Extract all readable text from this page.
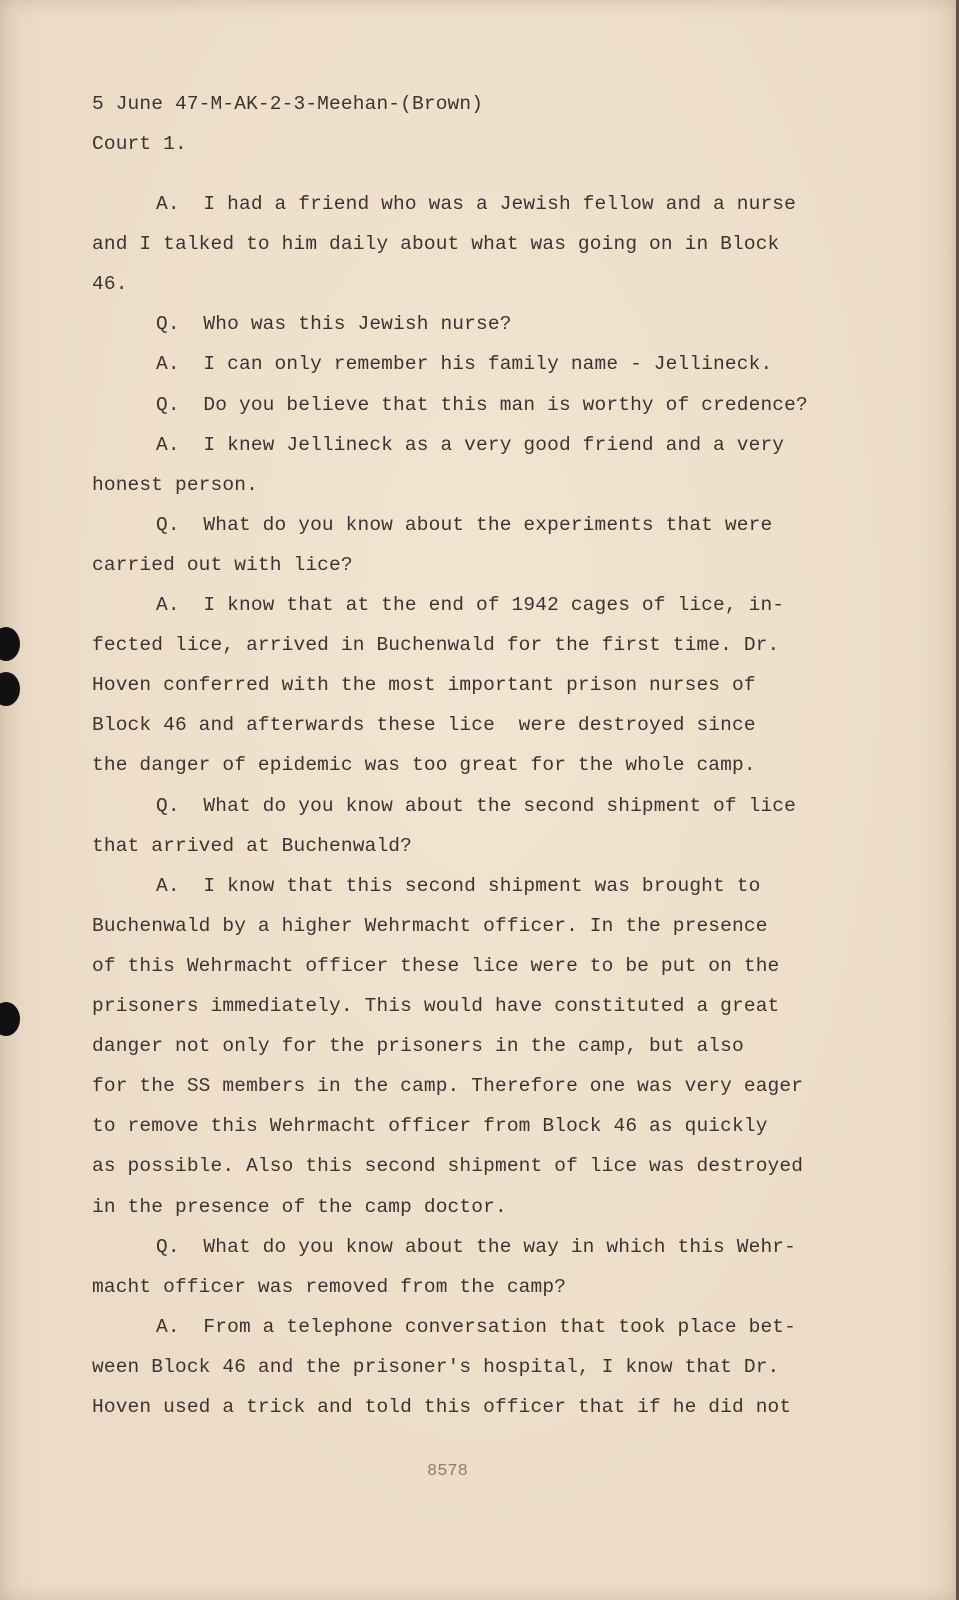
5 June 47-M-AK-2-3-Meehan-(Brown)
Court 1.
A.  I had a friend who was a Jewish fellow and a nurse
and I talked to him daily about what was going on in Block
46.
Q.  Who was this Jewish nurse?
A.  I can only remember his family name - Jellineck.
Q.  Do you believe that this man is worthy of credence?
A.  I knew Jellineck as a very good friend and a very
honest person.
Q.  What do you know about the experiments that were
carried out with lice?
A.  I know that at the end of 1942 cages of lice, in-
fected lice, arrived in Buchenwald for the first time. Dr.
Hoven conferred with the most important prison nurses of
Block 46 and afterwards these lice  were destroyed since
the danger of epidemic was too great for the whole camp.
Q.  What do you know about the second shipment of lice
that arrived at Buchenwald?
A.  I know that this second shipment was brought to
Buchenwald by a higher Wehrmacht officer. In the presence
of this Wehrmacht officer these lice were to be put on the
prisoners immediately. This would have constituted a great
danger not only for the prisoners in the camp, but also
for the SS members in the camp. Therefore one was very eager
to remove this Wehrmacht officer from Block 46 as quickly
as possible. Also this second shipment of lice was destroyed
in the presence of the camp doctor.
Q.  What do you know about the way in which this Wehr-
macht officer was removed from the camp?
A.  From a telephone conversation that took place bet-
ween Block 46 and the prisoner's hospital, I know that Dr.
Hoven used a trick and told this officer that if he did not
8578
